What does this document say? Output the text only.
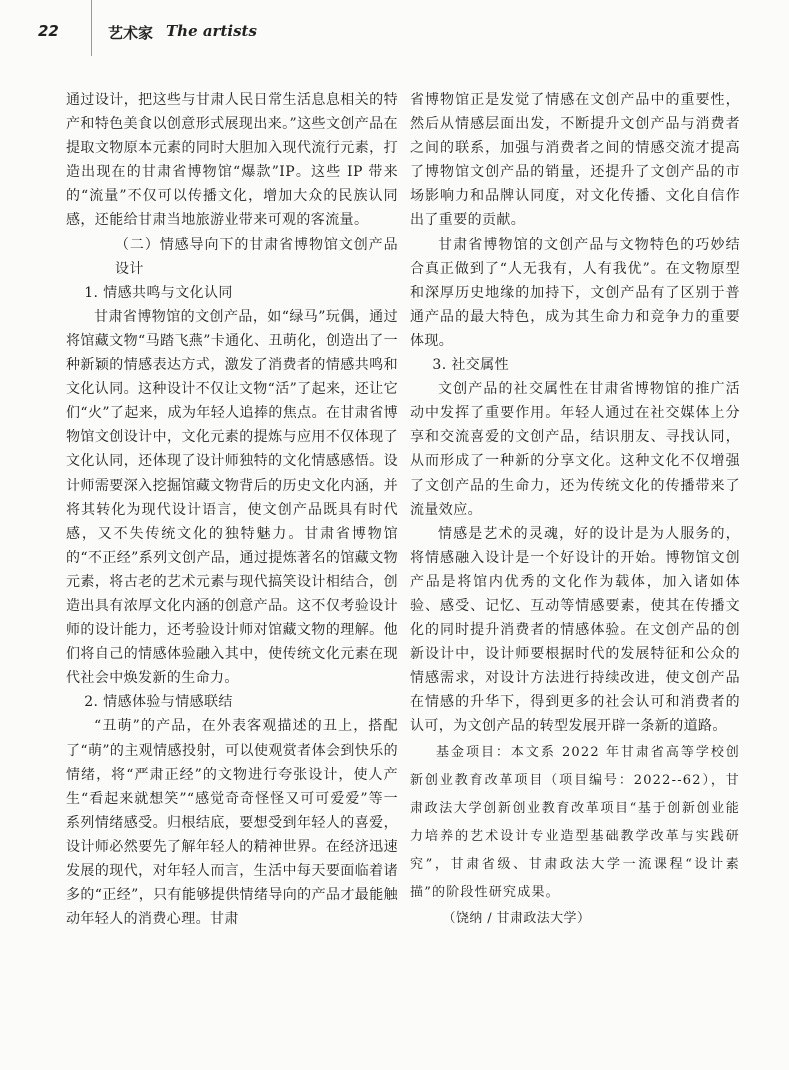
22	艺术家 The artists

通过设计，把这些与甘肃人民日常生活息息相关的特产和特色美食以创意形式展现出来。”这些文创产品在提取文物原本元素的同时大胆加入现代流行元素，打造出现在的甘肃省博物馆“爆款”IP。这些 IP 带来的“流量”不仅可以传播文化，增加大众的民族认同感，还能给甘肃当地旅游业带来可观的客流量。

（二）情感导向下的甘肃省博物馆文创产品设计

1. 情感共鸣与文化认同

甘肃省博物馆的文创产品，如“绿马”玩偶，通过将馆藏文物“马踏飞燕”卡通化、丑萌化，创造出了一种新颖的情感表达方式，激发了消费者的情感共鸣和文化认同。这种设计不仅让文物“活”了起来，还让它们“火”了起来，成为年轻人追捧的焦点。在甘肃省博物馆文创设计中，文化元素的提炼与应用不仅体现了文化认同，还体现了设计师独特的文化情感感悟。设计师需要深入挖掘馆藏文物背后的历史文化内涵，并将其转化为现代设计语言，使文创产品既具有时代感，又不失传统文化的独特魅力。甘肃省博物馆的“不正经”系列文创产品，通过提炼著名的馆藏文物元素，将古老的艺术元素与现代搞笑设计相结合，创造出具有浓厚文化内涵的创意产品。这不仅考验设计师的设计能力，还考验设计师对馆藏文物的理解。他们将自己的情感体验融入其中，使传统文化元素在现代社会中焕发新的生命力。

2. 情感体验与情感联结

“丑萌”的产品，在外表客观描述的丑上，搭配了“萌”的主观情感投射，可以使观赏者体会到快乐的情绪，将“严肃正经”的文物进行夸张设计，使人产生“看起来就想笑”“感觉奇奇怪怪又可可爱爱”等一系列情绪感受。归根结底，要想受到年轻人的喜爱，设计师必然要先了解年轻人的精神世界。在经济迅速发展的现代，对年轻人而言，生活中每天要面临着诸多的“正经”，只有能够提供情绪导向的产品才最能触动年轻人的消费心理。甘肃

省博物馆正是发觉了情感在文创产品中的重要性，然后从情感层面出发，不断提升文创产品与消费者之间的联系，加强与消费者之间的情感交流才提高了博物馆文创产品的销量，还提升了文创产品的市场影响力和品牌认同度，对文化传播、文化自信作出了重要的贡献。

甘肃省博物馆的文创产品与文物特色的巧妙结合真正做到了“人无我有，人有我优”。在文物原型和深厚历史地缘的加持下，文创产品有了区别于普通产品的最大特色，成为其生命力和竞争力的重要体现。

3. 社交属性

文创产品的社交属性在甘肃省博物馆的推广活动中发挥了重要作用。年轻人通过在社交媒体上分享和交流喜爱的文创产品，结识朋友、寻找认同，从而形成了一种新的分享文化。这种文化不仅增强了文创产品的生命力，还为传统文化的传播带来了流量效应。

情感是艺术的灵魂，好的设计是为人服务的，将情感融入设计是一个好设计的开始。博物馆文创产品是将馆内优秀的文化作为载体，加入诸如体验、感受、记忆、互动等情感要素，使其在传播文化的同时提升消费者的情感体验。在文创产品的创新设计中，设计师要根据时代的发展特征和公众的情感需求，对设计方法进行持续改进，使文创产品在情感的升华下，得到更多的社会认可和消费者的认可，为文创产品的转型发展开辟一条新的道路。

基金项目：本文系 2022 年甘肃省高等学校创新创业教育改革项目（项目编号：2022--62），甘肃政法大学创新创业教育改革项目“基于创新创业能力培养的艺术设计专业造型基础教学改革与实践研究”，甘肃省级、甘肃政法大学一流课程“设计素描”的阶段性研究成果。

（饶纳 / 甘肃政法大学）
